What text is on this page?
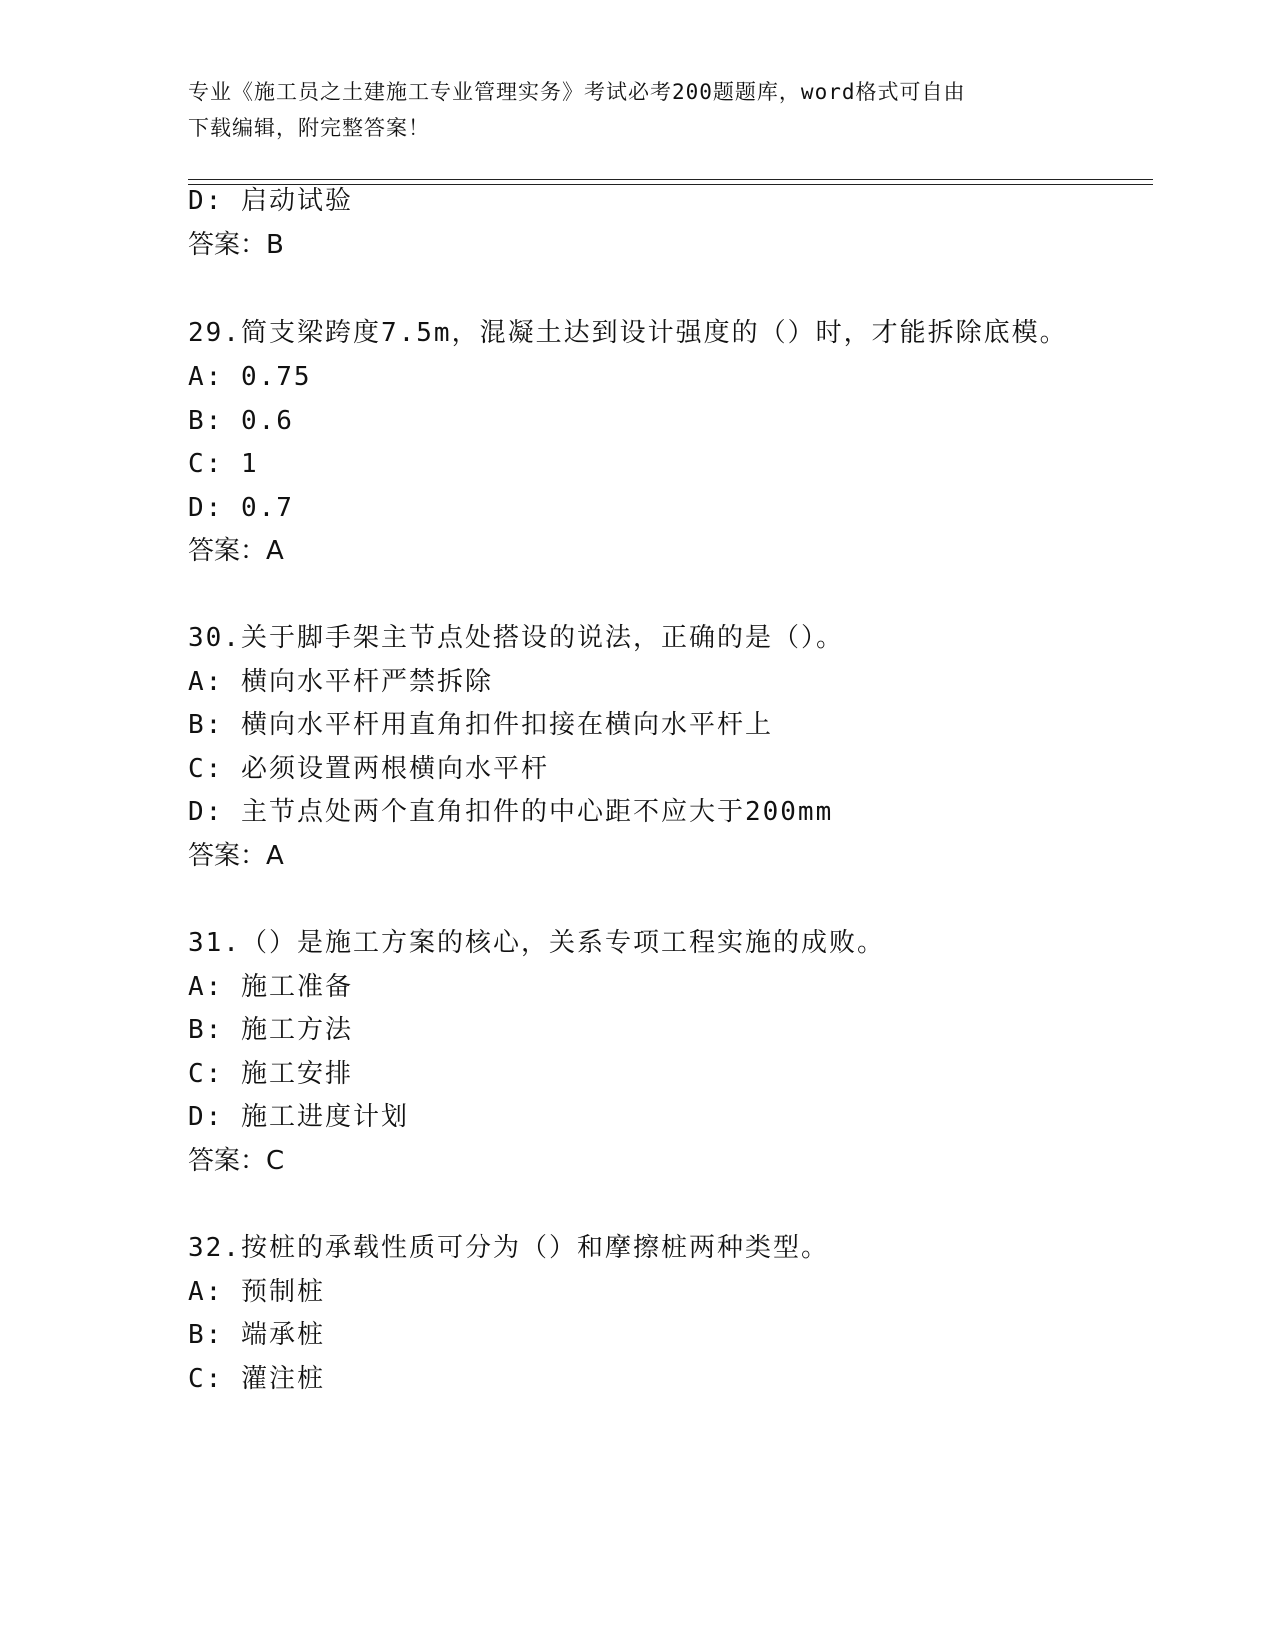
专业《施工员之土建施工专业管理实务》考试必考200题题库，word格式可自由
下载编辑，附完整答案！
D: 启动试验
答案：B
29.简支梁跨度7.5m，混凝土达到设计强度的（）时，才能拆除底模。
A: 0.75
B: 0.6
C: 1
D: 0.7
答案：A
30.关于脚手架主节点处搭设的说法，正确的是（）。
A: 横向水平杆严禁拆除
B: 横向水平杆用直角扣件扣接在横向水平杆上
C: 必须设置两根横向水平杆
D: 主节点处两个直角扣件的中心距不应大于200mm
答案：A
31.（）是施工方案的核心，关系专项工程实施的成败。
A: 施工准备
B: 施工方法
C: 施工安排
D: 施工进度计划
答案：C
32.按桩的承载性质可分为（）和摩擦桩两种类型。
A: 预制桩
B: 端承桩
C: 灌注桩
